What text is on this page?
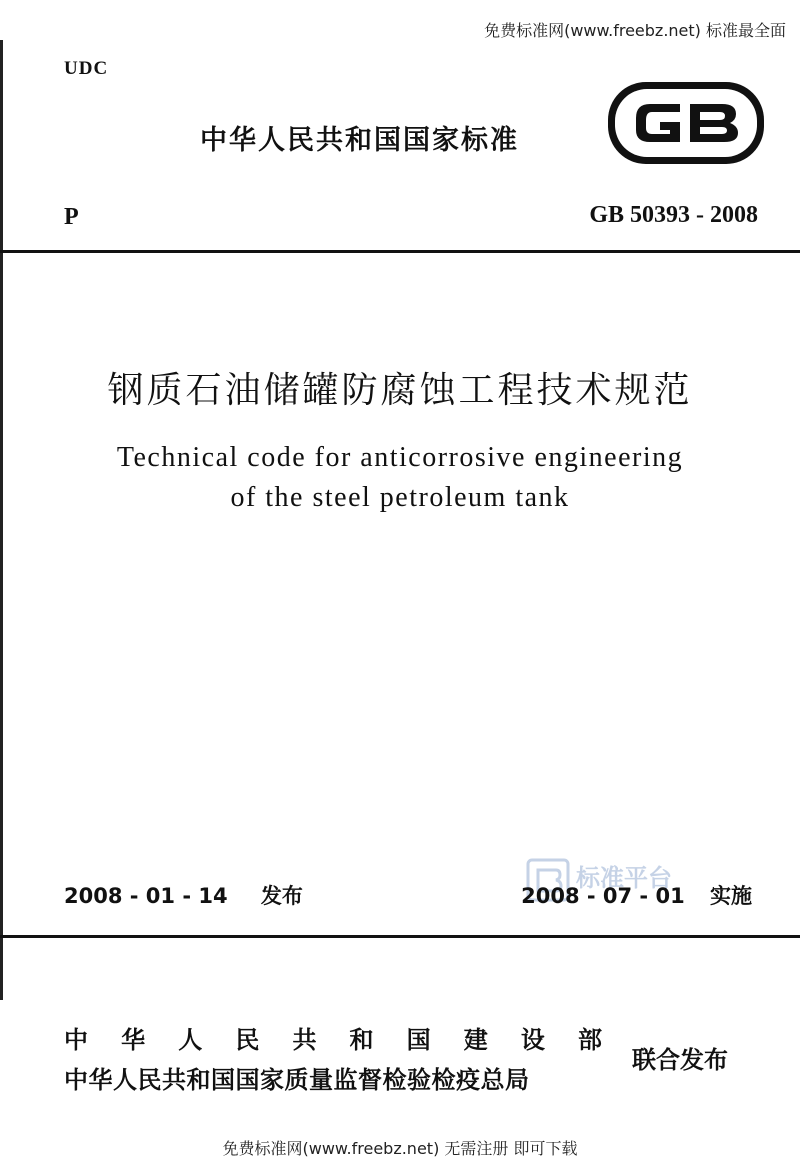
免费标准网(www.freebz.net) 标准最全面
UDC
中华人民共和国国家标准
P	GB 50393 - 2008
钢质石油储罐防腐蚀工程技术规范
Technical code for anticorrosive engineering
of the steel petroleum tank
2008 - 01 - 14 发布
标准平台
2008 - 07 - 01 实施
中 华 人 民 共 和 国 建 设 部
中华人民共和国国家质量监督检验检疫总局
联合发布
免费标准网(www.freebz.net) 无需注册 即可下载
